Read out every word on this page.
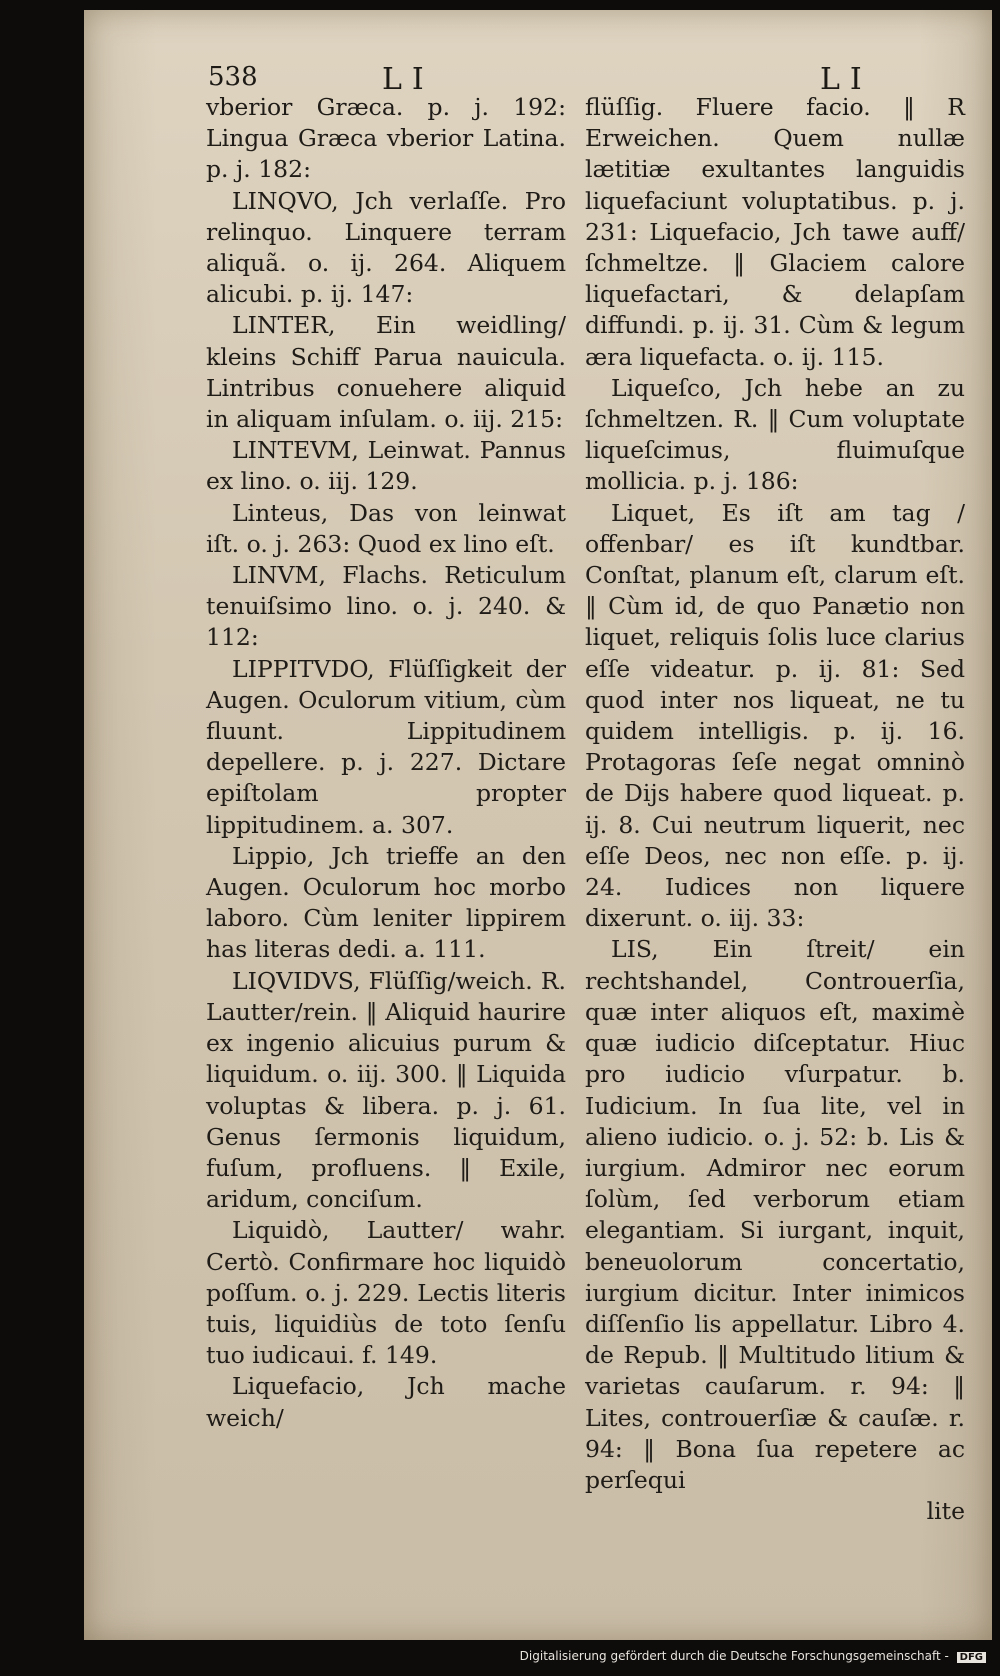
538	LI	LI

vberior Græca. p. j. 192: Lingua Græca vberior Latina. p. j. 182:

LINQVO, Jch verlaſſe. Pro relinquo. Linquere terram aliquã. o. ij. 264. Aliquem alicubi. p. ij. 147:

LINTER, Ein weidling/ kleins Schiff Parua nauicula. Lintribus conuehere aliquid in aliquam inſulam. o. iij. 215:

LINTEVM, Leinwat. Pannus ex lino. o. iij. 129.

Linteus, Das von leinwat iſt. o. j. 263: Quod ex lino eſt.

LINVM, Flachs. Reticulum tenuiſsimo lino. o. j. 240. & 112:

LIPPITVDO, Flüſſigkeit der Augen. Oculorum vitium, cùm fluunt. Lippitudinem depellere. p. j. 227. Dictare epiſtolam propter lippitudinem. a. 307.

Lippio, Jch trieffe an den Augen. Oculorum hoc morbo laboro. Cùm leniter lippirem has literas dedi. a. 111.

LIQVIDVS, Flüſſig/weich. R. Lautter/rein. ‖ Aliquid haurire ex ingenio alicuius purum & liquidum. o. iij. 300. ‖ Liquida voluptas & libera. p. j. 61. Genus ſermonis liquidum, fuſum, profluens. ‖ Exile, aridum, conciſum.

Liquidò, Lautter/ wahr. Certò. Confirmare hoc liquidò poſſum. o. j. 229. Lectis literis tuis, liquidiùs de toto ſenſu tuo iudicaui. f. 149.

Liquefacio, Jch mache weich/

flüſſig. Fluere facio. ‖ R Erweichen. Quem nullæ lætitiæ exultantes languidis liquefaciunt voluptatibus. p. j. 231: Liquefacio, Jch tawe auff/ ſchmeltze. ‖ Glaciem calore liquefactari, & delapſam diffundi. p. ij. 31. Cùm & legum æra liquefacta. o. ij. 115.

Liqueſco, Jch hebe an zu ſchmeltzen. R. ‖ Cum voluptate liqueſcimus, fluimuſque mollicia. p. j. 186:

Liquet, Es iſt am tag / offenbar/ es iſt kundtbar. Conſtat, planum eſt, clarum eſt. ‖ Cùm id, de quo Panætio non liquet, reliquis ſolis luce clarius eſſe videatur. p. ij. 81: Sed quod inter nos liqueat, ne tu quidem intelligis. p. ij. 16. Protagoras ſeſe negat omninò de Dijs habere quod liqueat. p. ij. 8. Cui neutrum liquerit, nec eſſe Deos, nec non eſſe. p. ij. 24. Iudices non liquere dixerunt. o. iij. 33:

LIS, Ein ſtreit/ ein rechtshandel, Controuerſia, quæ inter aliquos eſt, maximè quæ iudicio diſceptatur. Hiuc pro iudicio vſurpatur. b. Iudicium. In ſua lite, vel in alieno iudicio. o. j. 52: b. Lis & iurgium. Admiror nec eorum ſolùm, ſed verborum etiam elegantiam. Si iurgant, inquit, beneuolorum concertatio, iurgium dicitur. Inter inimicos diſſenſio lis appellatur. Libro 4. de Repub. ‖ Multitudo litium & varietas cauſarum. r. 94: ‖ Lites, controuerſiæ & cauſæ. r. 94: ‖ Bona ſua repetere ac perſequi

lite

Digitalisierung gefördert durch die Deutsche Forschungsgemeinschaft - DFG
